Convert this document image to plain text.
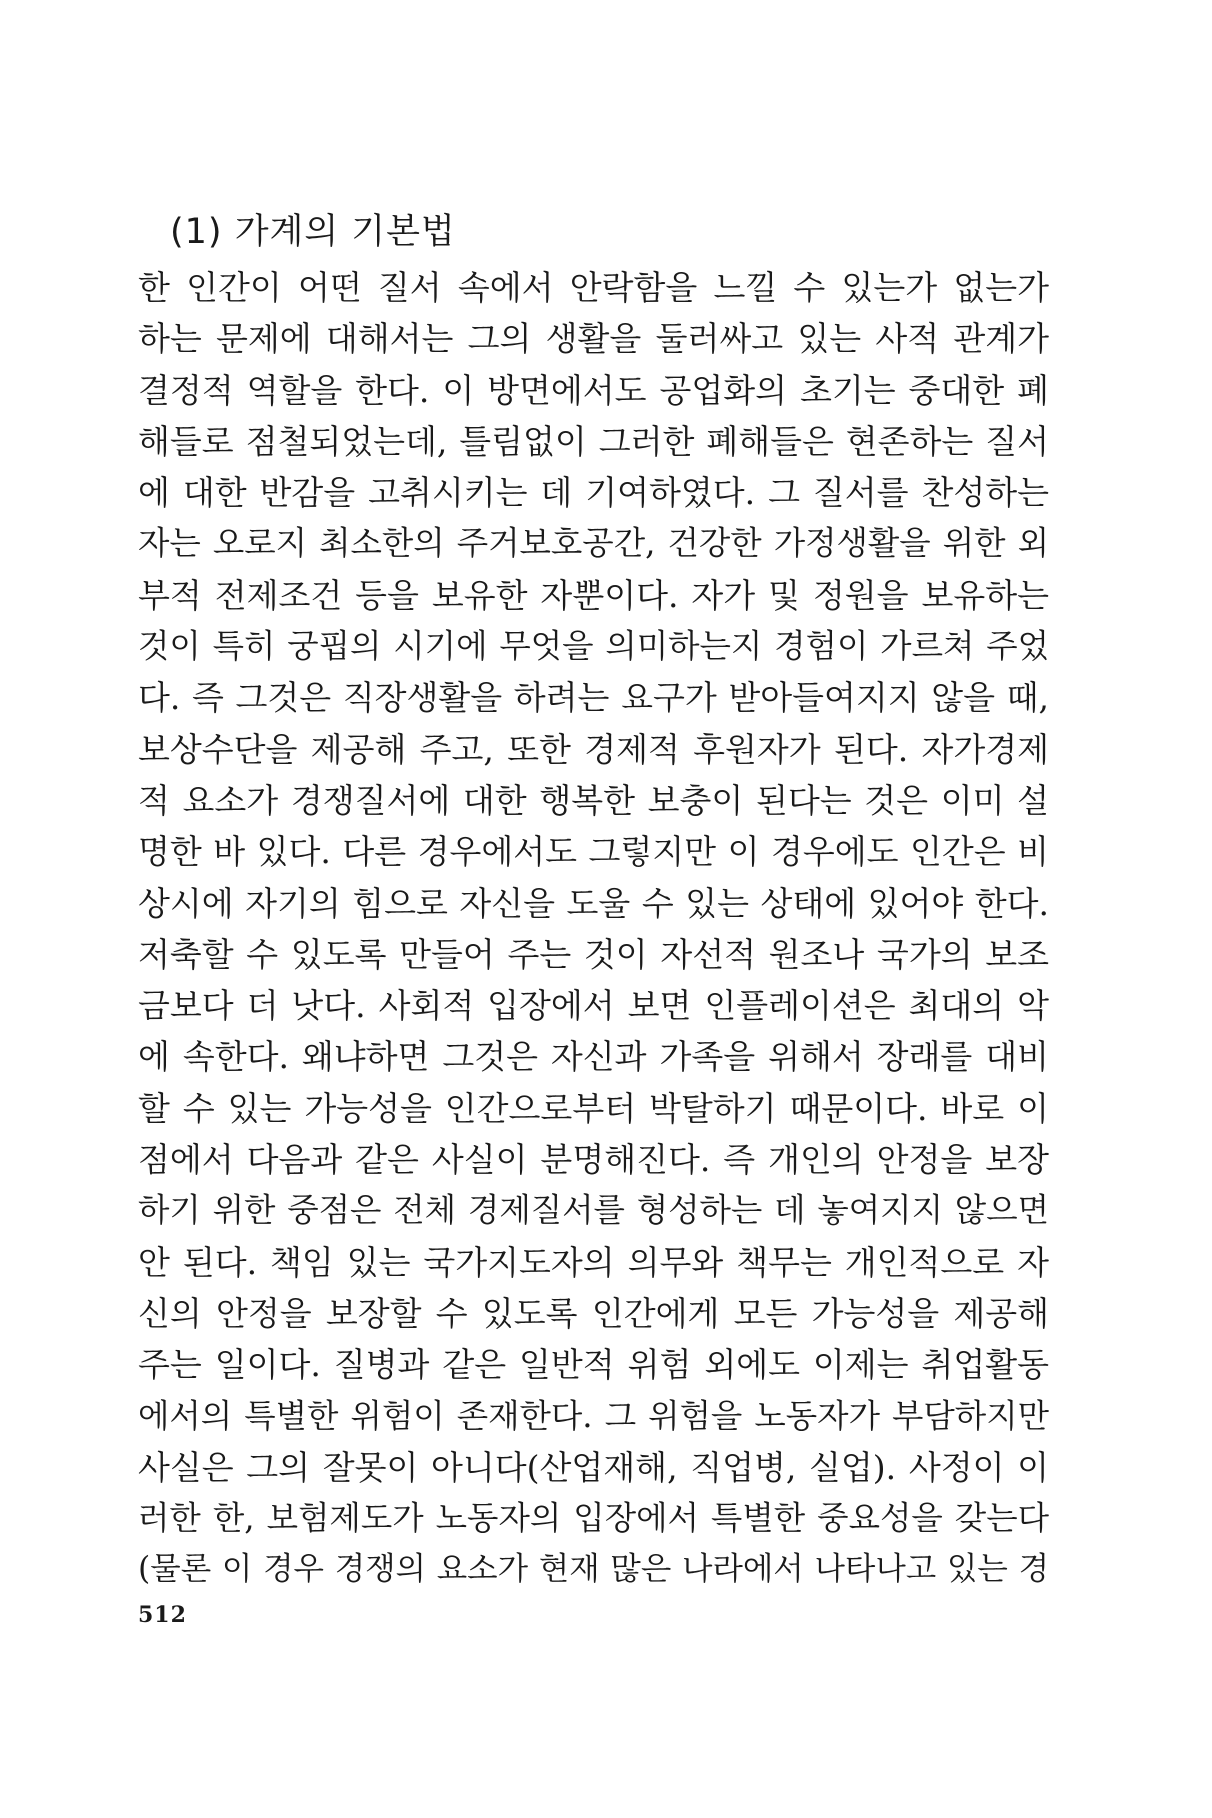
(1) 가계의 기본법
한 인간이 어떤 질서 속에서 안락함을 느낄 수 있는가 없는가
하는 문제에 대해서는 그의 생활을 둘러싸고 있는 사적 관계가
결정적 역할을 한다. 이 방면에서도 공업화의 초기는 중대한 폐
해들로 점철되었는데, 틀림없이 그러한 폐해들은 현존하는 질서
에 대한 반감을 고취시키는 데 기여하였다. 그 질서를 찬성하는
자는 오로지 최소한의 주거보호공간, 건강한 가정생활을 위한 외
부적 전제조건 등을 보유한 자뿐이다. 자가 및 정원을 보유하는
것이 특히 궁핍의 시기에 무엇을 의미하는지 경험이 가르쳐 주었
다. 즉 그것은 직장생활을 하려는 요구가 받아들여지지 않을 때,
보상수단을 제공해 주고, 또한 경제적 후원자가 된다. 자가경제
적 요소가 경쟁질서에 대한 행복한 보충이 된다는 것은 이미 설
명한 바 있다. 다른 경우에서도 그렇지만 이 경우에도 인간은 비
상시에 자기의 힘으로 자신을 도울 수 있는 상태에 있어야 한다.
저축할 수 있도록 만들어 주는 것이 자선적 원조나 국가의 보조
금보다 더 낫다. 사회적 입장에서 보면 인플레이션은 최대의 악
에 속한다. 왜냐하면 그것은 자신과 가족을 위해서 장래를 대비
할 수 있는 가능성을 인간으로부터 박탈하기 때문이다. 바로 이
점에서 다음과 같은 사실이 분명해진다. 즉 개인의 안정을 보장
하기 위한 중점은 전체 경제질서를 형성하는 데 놓여지지 않으면
안 된다. 책임 있는 국가지도자의 의무와 책무는 개인적으로 자
신의 안정을 보장할 수 있도록 인간에게 모든 가능성을 제공해
주는 일이다. 질병과 같은 일반적 위험 외에도 이제는 취업활동
에서의 특별한 위험이 존재한다. 그 위험을 노동자가 부담하지만
사실은 그의 잘못이 아니다(산업재해, 직업병, 실업). 사정이 이
러한 한, 보험제도가 노동자의 입장에서 특별한 중요성을 갖는다
(물론 이 경우 경쟁의 요소가 현재 많은 나라에서 나타나고 있는 경
512
